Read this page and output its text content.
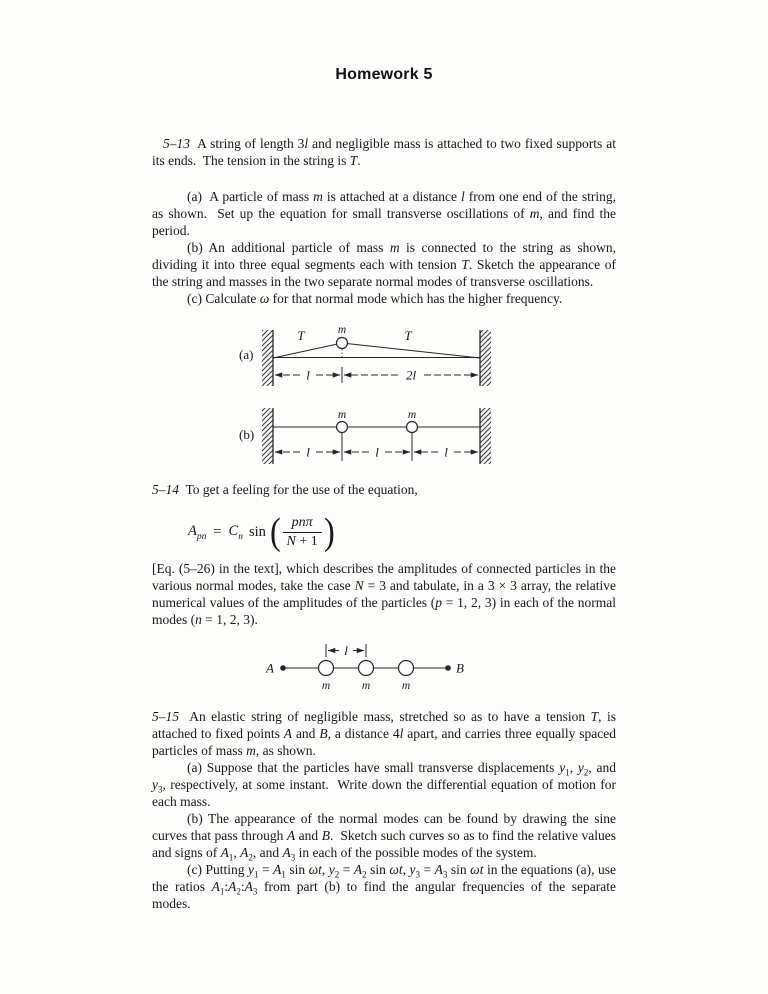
Homework 5

5–13  A string of length 3l and negligible mass is attached to two fixed supports at its ends.  The tension in the string is T.

(a)  A particle of mass m is attached at a distance l from one end of the string, as shown.  Set up the equation for small transverse oscillations of m, and find the period.

(b) An additional particle of mass m is connected to the string as shown, dividing it into three equal segments each with tension T. Sketch the appearance of the string and masses in the two separate normal modes of transverse oscillations.

(c) Calculate ω for that normal mode which has the higher frequency.

(a)
m
T	T
l	2l
(b)
m	m
l	l	l

5–14  To get a feeling for the use of the equation,

$A_{pn} = C_n$ sin ( $\frac{\text{pnπ}}{N + 1}$ )

[Eq. (5–26) in the text], which describes the amplitudes of connected particles in the various normal modes, take the case N = 3 and tabulate, in a 3 × 3 array, the relative numerical values of the amplitudes of the particles (p = 1, 2, 3) in each of the normal modes (n = 1, 2, 3).

l
A	B
m	m	m

5–15  An elastic string of negligible mass, stretched so as to have a tension T, is attached to fixed points A and B, a distance 4l apart, and carries three equally spaced particles of mass m, as shown.

(a) Suppose that the particles have small transverse displacements $y_1$, $y_2$, and $y_3$, respectively, at some instant.  Write down the differential equation of motion for each mass.

(b) The appearance of the normal modes can be found by drawing the sine curves that pass through A and B.  Sketch such curves so as to find the relative values and signs of $A_1$, $A_2$, and $A_3$ in each of the possible modes of the system.

(c) Putting $y_1 = A_1$ sin ωt, $y_2 = A_2$ sin ωt, $y_3 = A_3$ sin ωt in the equations (a), use the ratios $A_1:A_2:A_3$ from part (b) to find the angular frequencies of the separate modes.
